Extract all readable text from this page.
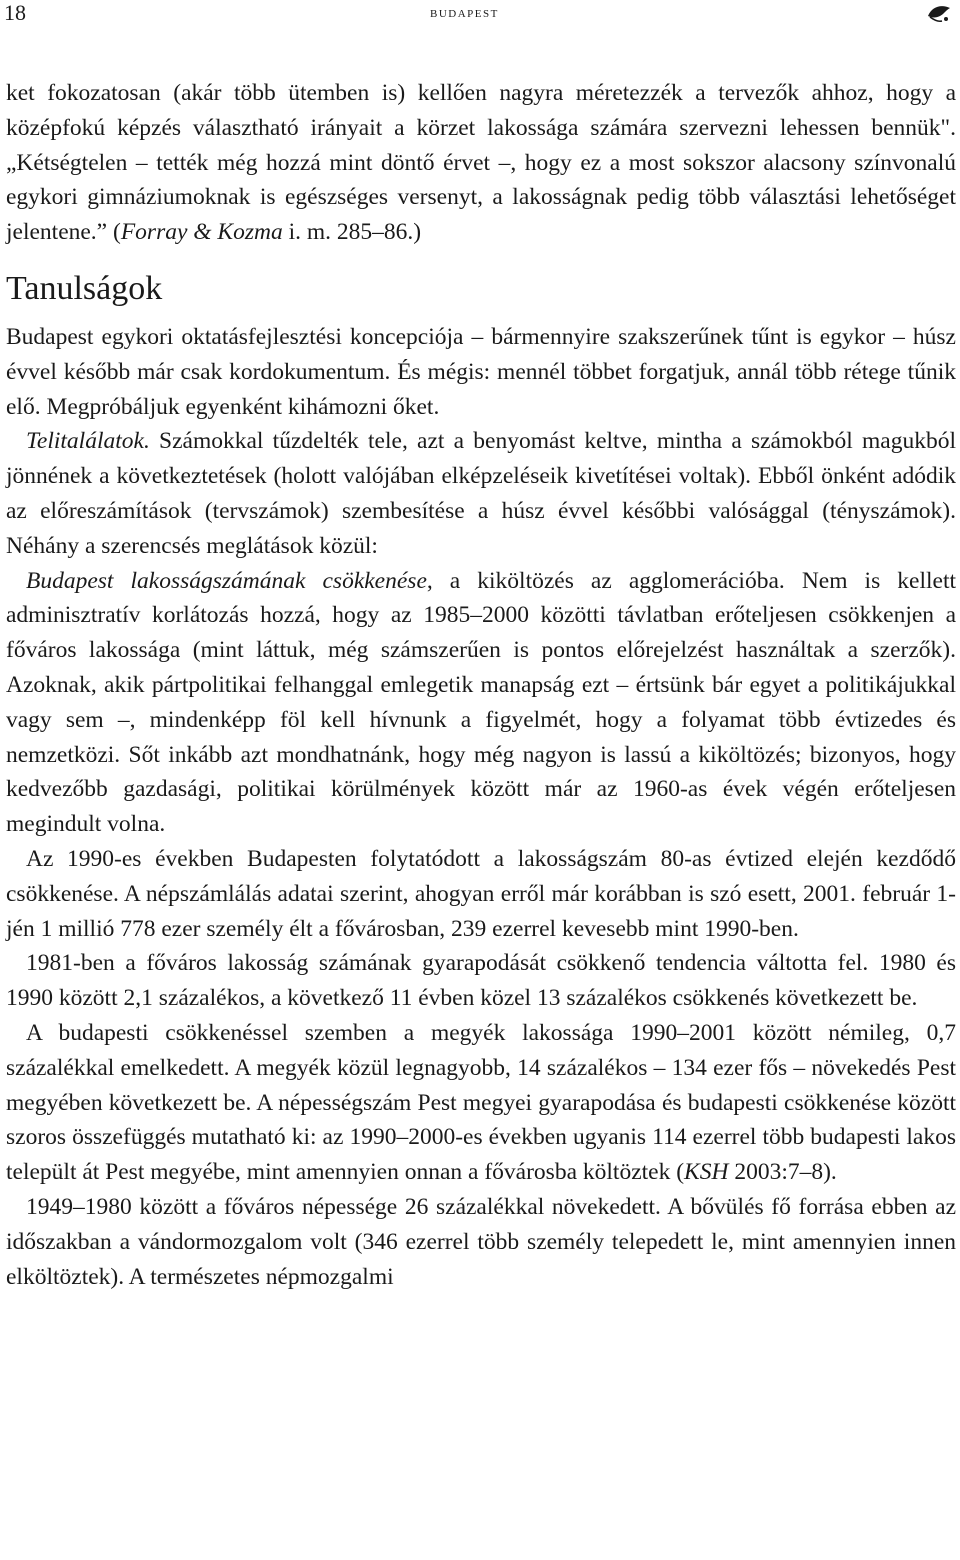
18	budapest

ket fokozatosan (akár több ütemben is) kellően nagyra méretezzék a tervezők ahhoz, hogy a középfokú képzés választható irányait a körzet lakossága számára szervezni lehessen bennük". „Kétségtelen – tették még hozzá mint döntő érvet –, hogy ez a most sokszor alacsony színvonalú egykori gimnáziumoknak is egészséges versenyt, a lakosságnak pedig több választási lehetőséget jelentene.” (Forray & Kozma i. m. 285–86.)

Tanulságok

Budapest egykori oktatásfejlesztési koncepciója – bármennyire szakszerűnek tűnt is egykor – húsz évvel később már csak kordokumentum. És mégis: mennél többet forgatjuk, annál több rétege tűnik elő. Megpróbáljuk egyenként kihámozni őket.

Telitalálatok. Számokkal tűzdelték tele, azt a benyomást keltve, mintha a számokból magukból jönnének a következtetések (holott valójában elképzeléseik kivetítései voltak). Ebből önként adódik az előreszámítások (tervszámok) szembesítése a húsz évvel későbbi valósággal (tényszámok). Néhány a szerencsés meglátások közül:

Budapest lakosságszámának csökkenése, a kiköltözés az agglomerációba. Nem is kellett adminisztratív korlátozás hozzá, hogy az 1985–2000 közötti távlatban erőteljesen csökkenjen a főváros lakossága (mint láttuk, még számszerűen is pontos előrejelzést használtak a szerzők). Azoknak, akik pártpolitikai felhanggal emlegetik manapság ezt – értsünk bár egyet a politikájukkal vagy sem –, mindenképp föl kell hívnunk a figyelmét, hogy a folyamat több évtizedes és nemzetközi. Sőt inkább azt mondhatnánk, hogy még nagyon is lassú a kiköltözés; bizonyos, hogy kedvezőbb gazdasági, politikai körülmények között már az 1960-as évek végén erőteljesen megindult volna.

Az 1990-es években Budapesten folytatódott a lakosságszám 80-as évtized elején kezdődő csökkenése. A népszámlálás adatai szerint, ahogyan erről már korábban is szó esett, 2001. február 1-jén 1 millió 778 ezer személy élt a fővárosban, 239 ezerrel kevesebb mint 1990-ben.

1981-ben a főváros lakosság számának gyarapodását csökkenő tendencia váltotta fel. 1980 és 1990 között 2,1 százalékos, a következő 11 évben közel 13 százalékos csökkenés következett be.

A budapesti csökkenéssel szemben a megyék lakossága 1990–2001 között némileg, 0,7 százalékkal emelkedett. A megyék közül legnagyobb, 14 százalékos – 134 ezer fős – növekedés Pest megyében következett be. A népességszám Pest megyei gyarapodása és budapesti csökkenése között szoros összefüggés mutatható ki: az 1990–2000-es években ugyanis 114 ezerrel több budapesti lakos települt át Pest megyébe, mint amennyien onnan a fővárosba költöztek (KSH 2003:7–8).

1949–1980 között a főváros népessége 26 százalékkal növekedett. A bővülés fő forrása ebben az időszakban a vándormozgalom volt (346 ezerrel több személy telepedett le, mint amennyien innen elköltöztek). A természetes népmozgalmi
